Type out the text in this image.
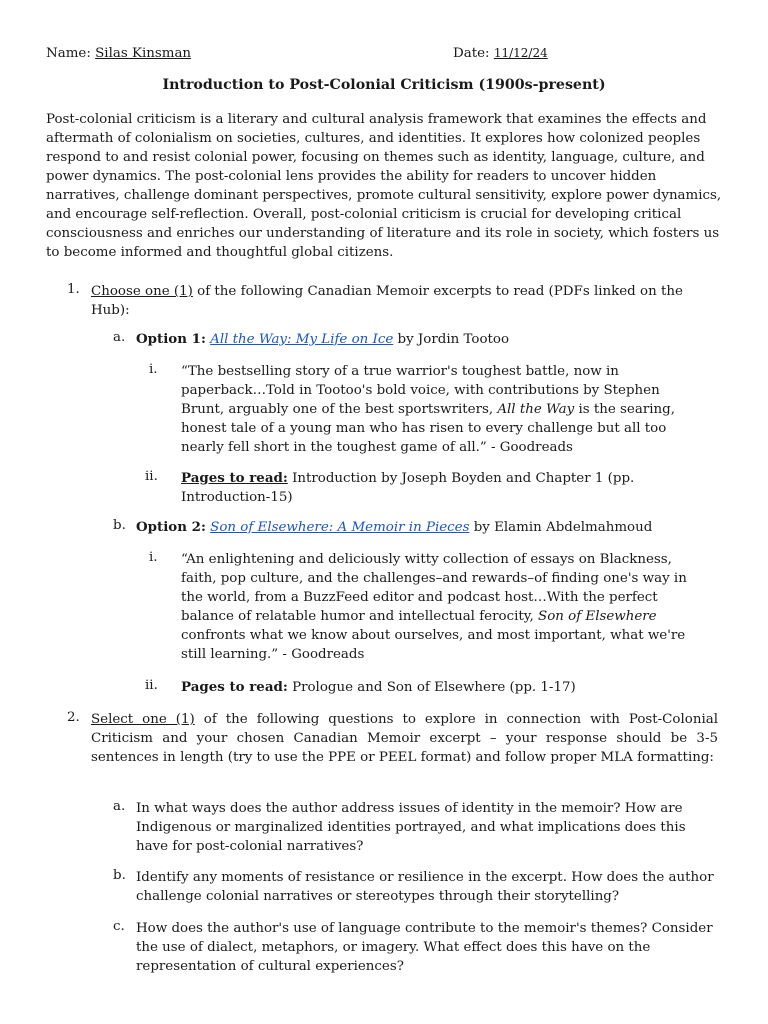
Name: Silas Kinsman	Date: 11/12/24
Introduction to Post-Colonial Criticism (1900s-present)
Post-colonial criticism is a literary and cultural analysis framework that examines the effects and aftermath of colonialism on societies, cultures, and identities. It explores how colonized peoples respond to and resist colonial power, focusing on themes such as identity, language, culture, and power dynamics. The post-colonial lens provides the ability for readers to uncover hidden narratives, challenge dominant perspectives, promote cultural sensitivity, explore power dynamics, and encourage self-reflection. Overall, post-colonial criticism is crucial for developing critical consciousness and enriches our understanding of literature and its role in society, which fosters us to become informed and thoughtful global citizens.
1. Choose one (1) of the following Canadian Memoir excerpts to read (PDFs linked on the Hub):
a. Option 1: All the Way: My Life on Ice by Jordin Tootoo
i. “The bestselling story of a true warrior's toughest battle, now in paperback…Told in Tootoo's bold voice, with contributions by Stephen Brunt, arguably one of the best sportswriters, All the Way is the searing, honest tale of a young man who has risen to every challenge but all too nearly fell short in the toughest game of all.” - Goodreads
ii. Pages to read: Introduction by Joseph Boyden and Chapter 1 (pp. Introduction-15)
b. Option 2: Son of Elsewhere: A Memoir in Pieces by Elamin Abdelmahmoud
i. “An enlightening and deliciously witty collection of essays on Blackness, faith, pop culture, and the challenges–and rewards–of finding one's way in the world, from a BuzzFeed editor and podcast host…With the perfect balance of relatable humor and intellectual ferocity, Son of Elsewhere confronts what we know about ourselves, and most important, what we're still learning.” - Goodreads
ii. Pages to read: Prologue and Son of Elsewhere (pp. 1-17)
2. Select one (1) of the following questions to explore in connection with Post-Colonial Criticism and your chosen Canadian Memoir excerpt – your response should be 3-5 sentences in length (try to use the PPE or PEEL format) and follow proper MLA formatting:
a. In what ways does the author address issues of identity in the memoir? How are Indigenous or marginalized identities portrayed, and what implications does this have for post-colonial narratives?
b. Identify any moments of resistance or resilience in the excerpt. How does the author challenge colonial narratives or stereotypes through their storytelling?
c. How does the author's use of language contribute to the memoir's themes? Consider the use of dialect, metaphors, or imagery. What effect does this have on the representation of cultural experiences?
